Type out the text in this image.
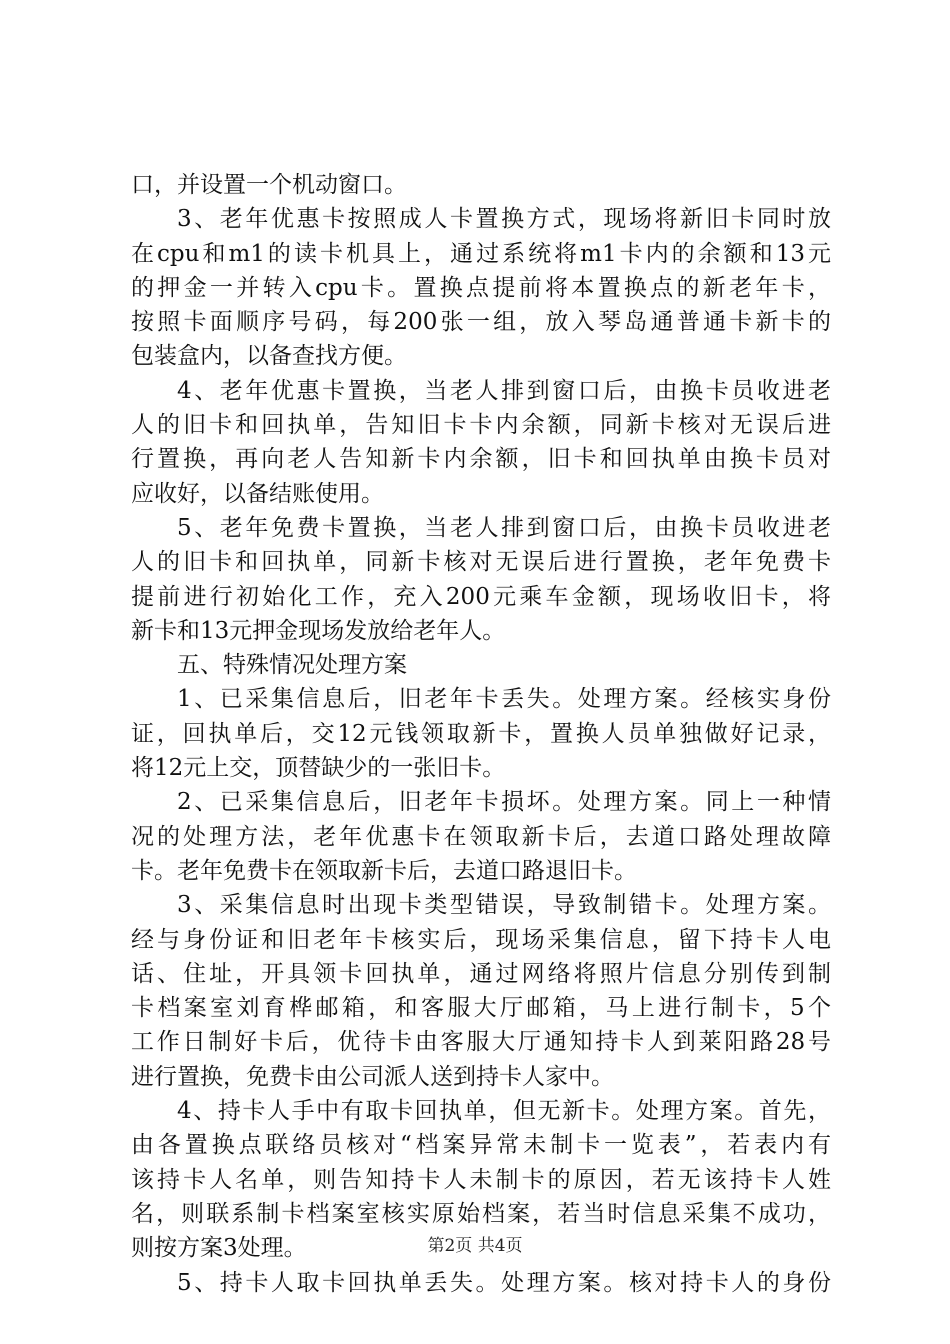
口，并设置一个机动窗口。
3、老年优惠卡按照成人卡置换方式，现场将新旧卡同时放
在cpu和m1的读卡机具上，通过系统将m1卡内的余额和13元
的押金一并转入cpu卡。置换点提前将本置换点的新老年卡，
按照卡面顺序号码，每200张一组，放入琴岛通普通卡新卡的
包装盒内，以备查找方便。
4、老年优惠卡置换，当老人排到窗口后，由换卡员收进老
人的旧卡和回执单，告知旧卡卡内余额，同新卡核对无误后进
行置换，再向老人告知新卡内余额，旧卡和回执单由换卡员对
应收好，以备结账使用。
5、老年免费卡置换，当老人排到窗口后，由换卡员收进老
人的旧卡和回执单，同新卡核对无误后进行置换，老年免费卡
提前进行初始化工作，充入200元乘车金额，现场收旧卡，将
新卡和13元押金现场发放给老年人。
五、特殊情况处理方案
1、已采集信息后，旧老年卡丢失。处理方案。经核实身份
证，回执单后，交12元钱领取新卡，置换人员单独做好记录，
将12元上交，顶替缺少的一张旧卡。
2、已采集信息后，旧老年卡损坏。处理方案。同上一种情
况的处理方法，老年优惠卡在领取新卡后，去道口路处理故障
卡。老年免费卡在领取新卡后，去道口路退旧卡。
3、采集信息时出现卡类型错误，导致制错卡。处理方案。
经与身份证和旧老年卡核实后，现场采集信息，留下持卡人电
话、住址，开具领卡回执单，通过网络将照片信息分别传到制
卡档案室刘育桦邮箱，和客服大厅邮箱，马上进行制卡，5个
工作日制好卡后，优待卡由客服大厅通知持卡人到莱阳路28号
进行置换，免费卡由公司派人送到持卡人家中。
4、持卡人手中有取卡回执单，但无新卡。处理方案。首先，
由各置换点联络员核对“档案异常未制卡一览表”，若表内有
该持卡人名单，则告知持卡人未制卡的原因，若无该持卡人姓
名，则联系制卡档案室核实原始档案，若当时信息采集不成功，
则按方案3处理。
5、持卡人取卡回执单丢失。处理方案。核对持卡人的身份
第2页 共4页
